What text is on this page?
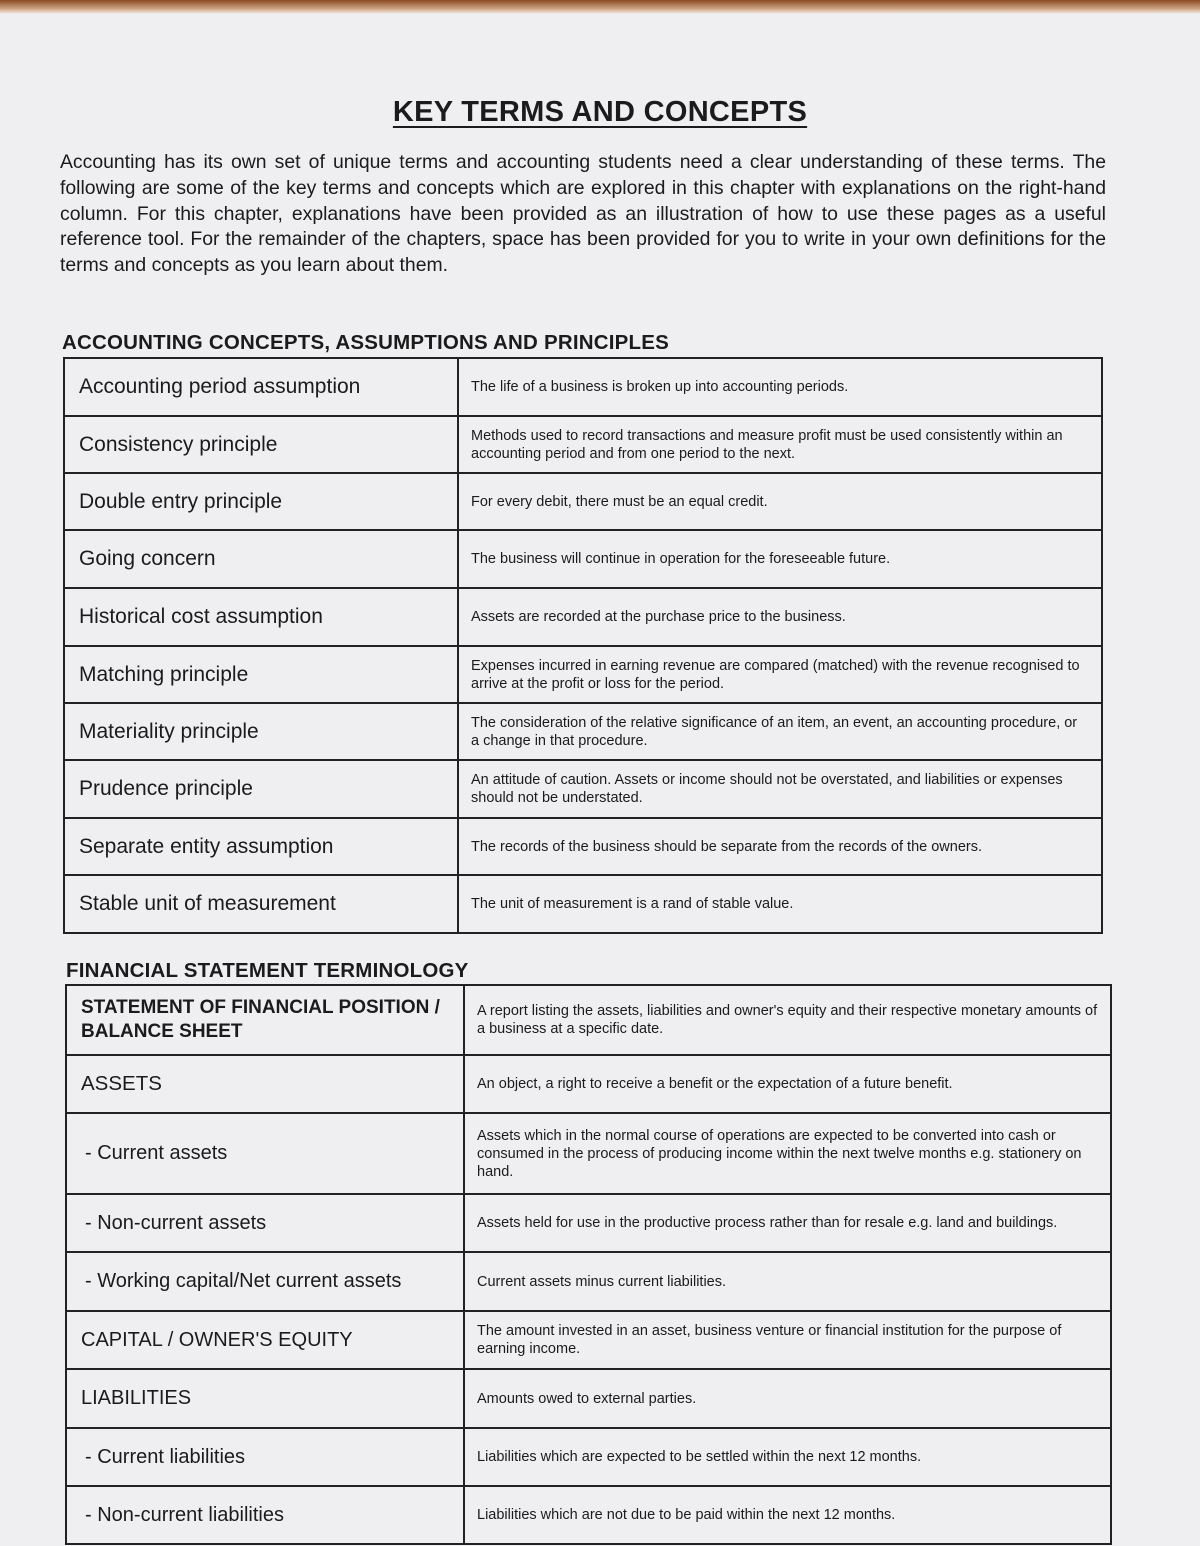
KEY TERMS AND CONCEPTS

Accounting has its own set of unique terms and accounting students need a clear understanding of these terms. The following are some of the key terms and concepts which are explored in this chapter with explanations on the right-hand column. For this chapter, explanations have been provided as an illustration of how to use these pages as a useful reference tool. For the remainder of the chapters, space has been provided for you to write in your own definitions for the terms and concepts as you learn about them.

ACCOUNTING CONCEPTS, ASSUMPTIONS AND PRINCIPLES
Accounting period assumption	The life of a business is broken up into accounting periods.
Consistency principle	Methods used to record transactions and measure profit must be used consistently within an accounting period and from one period to the next.
Double entry principle	For every debit, there must be an equal credit.
Going concern	The business will continue in operation for the foreseeable future.
Historical cost assumption	Assets are recorded at the purchase price to the business.
Matching principle	Expenses incurred in earning revenue are compared (matched) with the revenue recognised to arrive at the profit or loss for the period.
Materiality principle	The consideration of the relative significance of an item, an event, an accounting procedure, or a change in that procedure.
Prudence principle	An attitude of caution. Assets or income should not be overstated, and liabilities or expenses should not be understated.
Separate entity assumption	The records of the business should be separate from the records of the owners.
Stable unit of measurement	The unit of measurement is a rand of stable value.
FINANCIAL STATEMENT TERMINOLOGY
STATEMENT OF FINANCIAL POSITION / BALANCE SHEET	A report listing the assets, liabilities and owner's equity and their respective monetary amounts of a business at a specific date.
ASSETS	An object, a right to receive a benefit or the expectation of a future benefit.
- Current assets	Assets which in the normal course of operations are expected to be converted into cash or consumed in the process of producing income within the next twelve months e.g. stationery on hand.
- Non-current assets	Assets held for use in the productive process rather than for resale e.g. land and buildings.
- Working capital/Net current assets	Current assets minus current liabilities.
CAPITAL / OWNER'S EQUITY	The amount invested in an asset, business venture or financial institution for the purpose of earning income.
LIABILITIES	Amounts owed to external parties.
- Current liabilities	Liabilities which are expected to be settled within the next 12 months.
- Non-current liabilities	Liabilities which are not due to be paid within the next 12 months.
